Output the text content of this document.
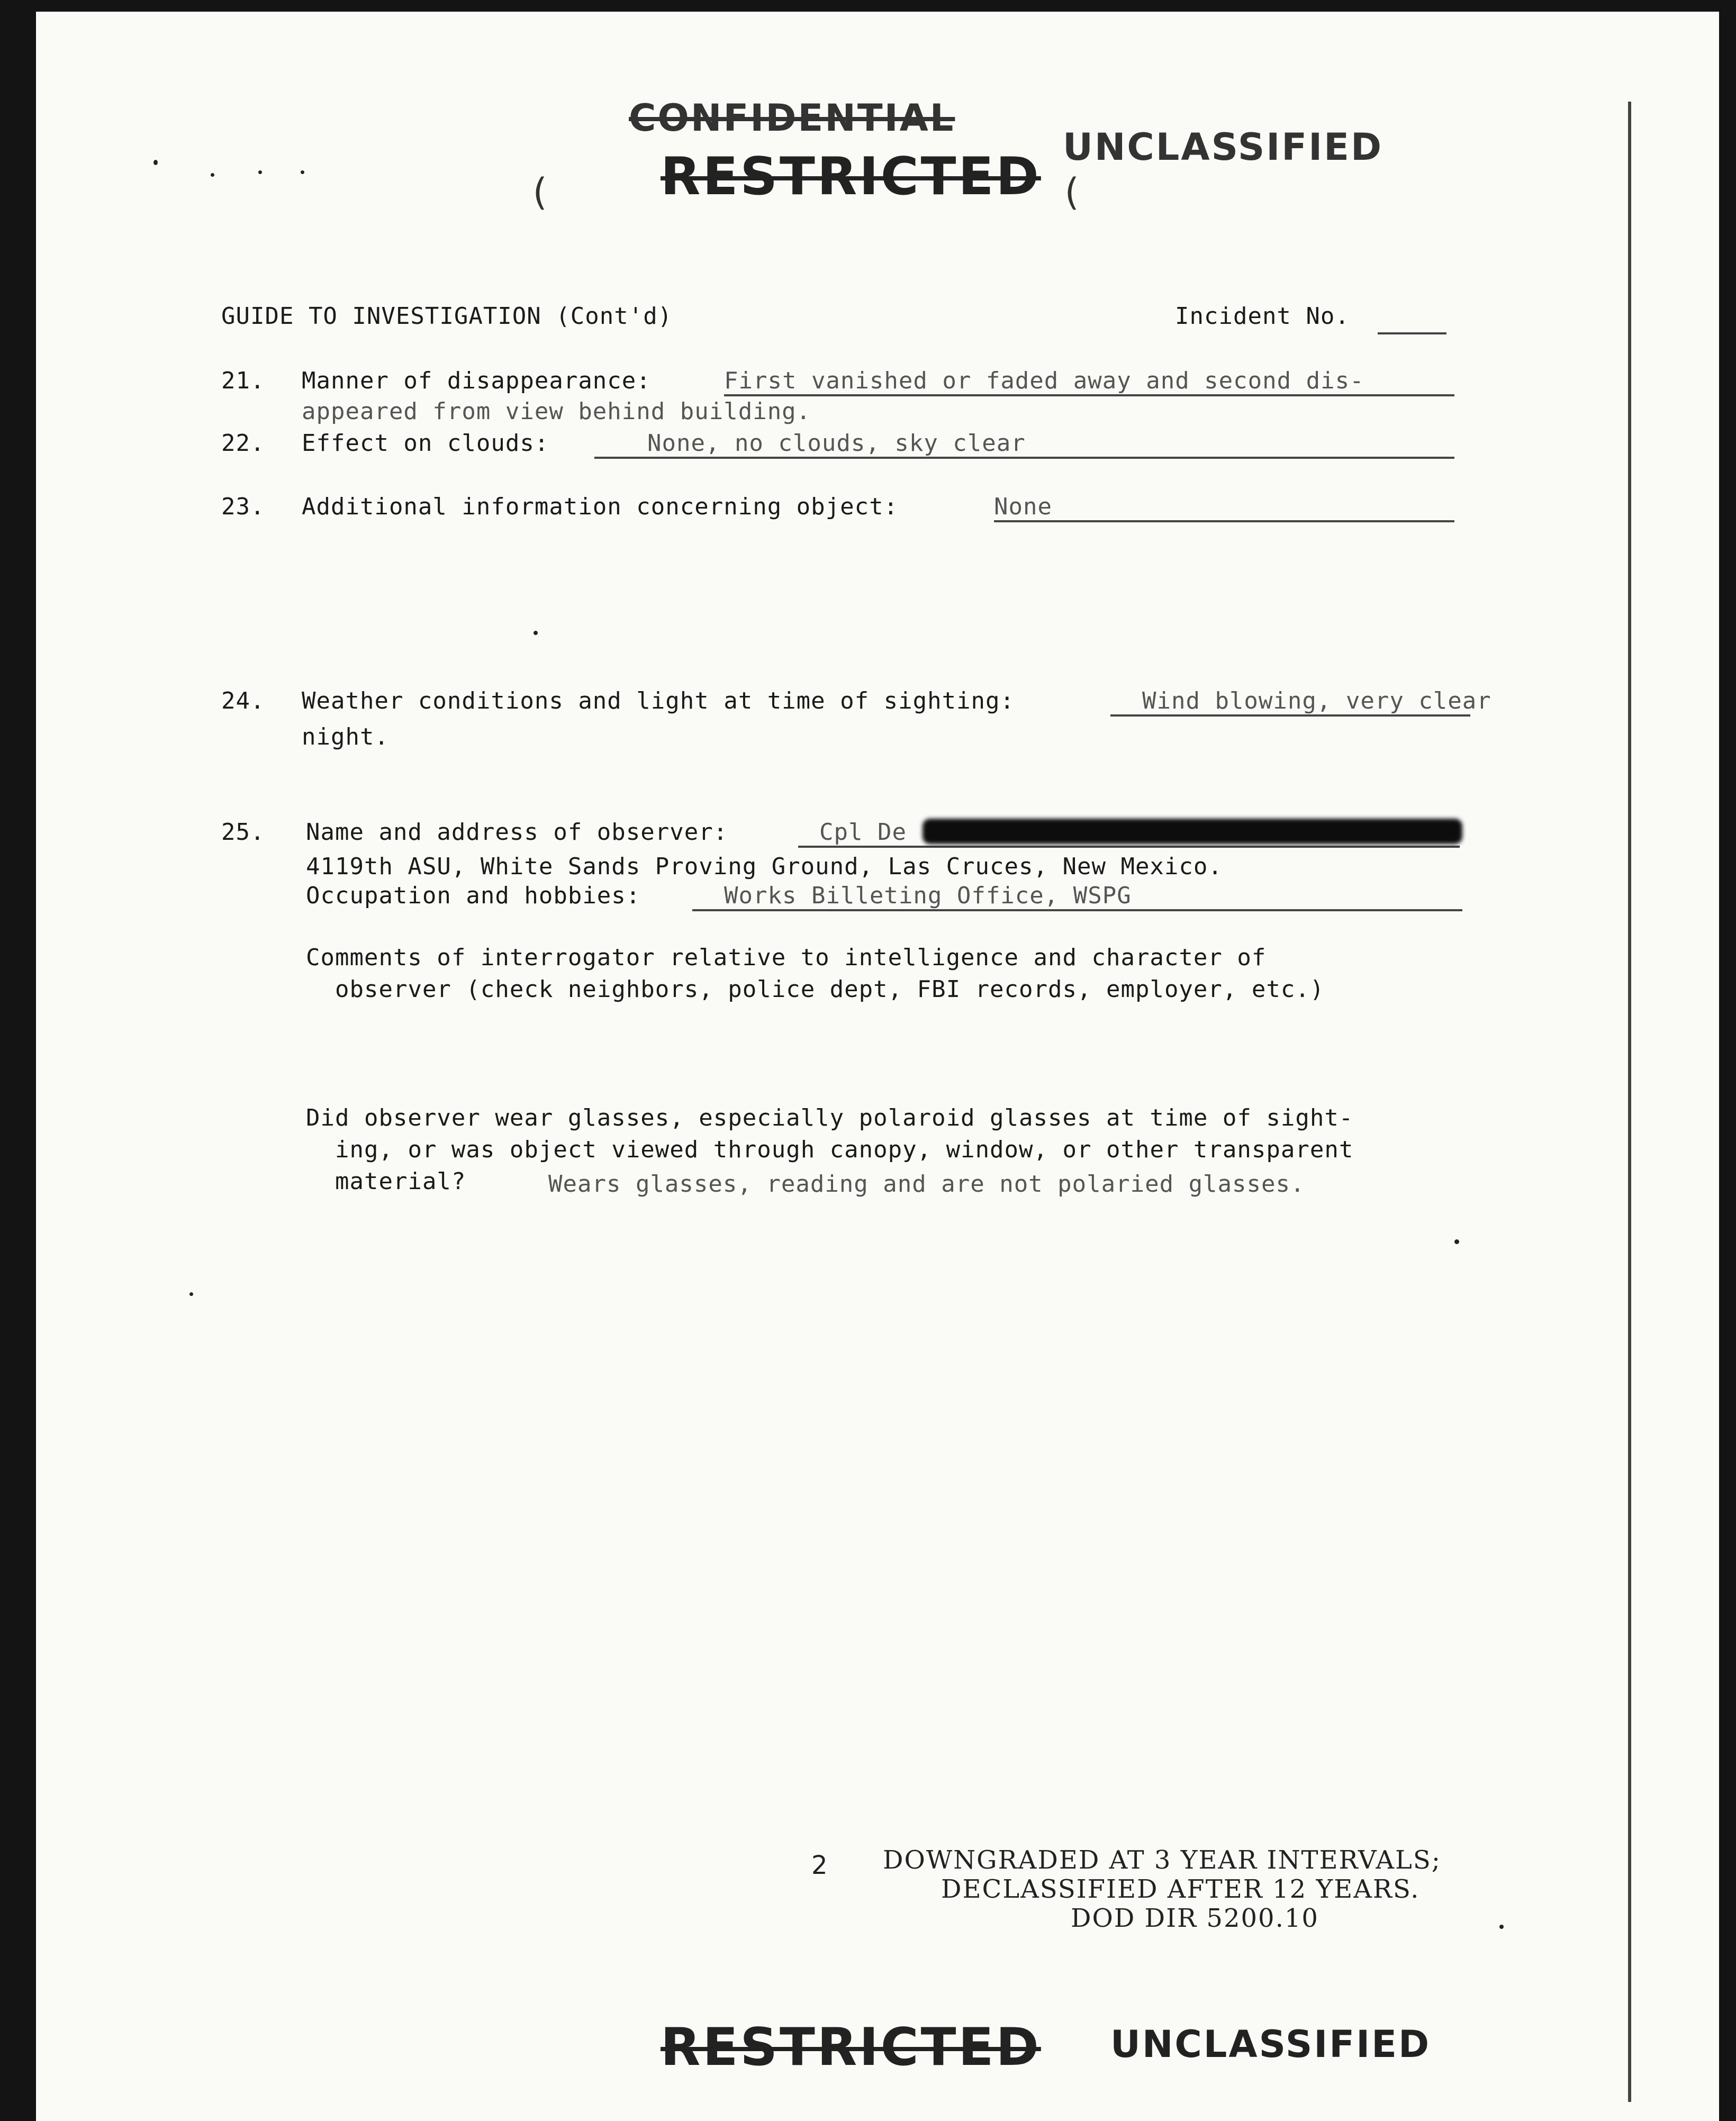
CONFIDENTIAL
RESTRICTED UNCLASSIFIED
(	(
GUIDE TO INVESTIGATION (Cont'd)	Incident No.
21. Manner of disappearance:	First vanished or faded away and second dis-
appeared from view behind building.
22. Effect on clouds:	None, no clouds, sky clear
23. Additional information concerning object:	None
24. Weather conditions and light at time of sighting:	Wind blowing, very clear
night.
25. Name and address of observer:	Cpl De
4119th ASU, White Sands Proving Ground, Las Cruces, New Mexico.
Occupation and hobbies:	Works Billeting Office, WSPG
Comments of interrogator relative to intelligence and character of
observer (check neighbors, police dept, FBI records, employer, etc.)
Did observer wear glasses, especially polaroid glasses at time of sight-
ing, or was object viewed through canopy, window, or other transparent
material?	Wears glasses, reading and are not polaried glasses.
2 DOWNGRADED AT 3 YEAR INTERVALS;
DECLASSIFIED AFTER 12 YEARS.
DOD DIR 5200.10
RESTRICTED UNCLASSIFIED
